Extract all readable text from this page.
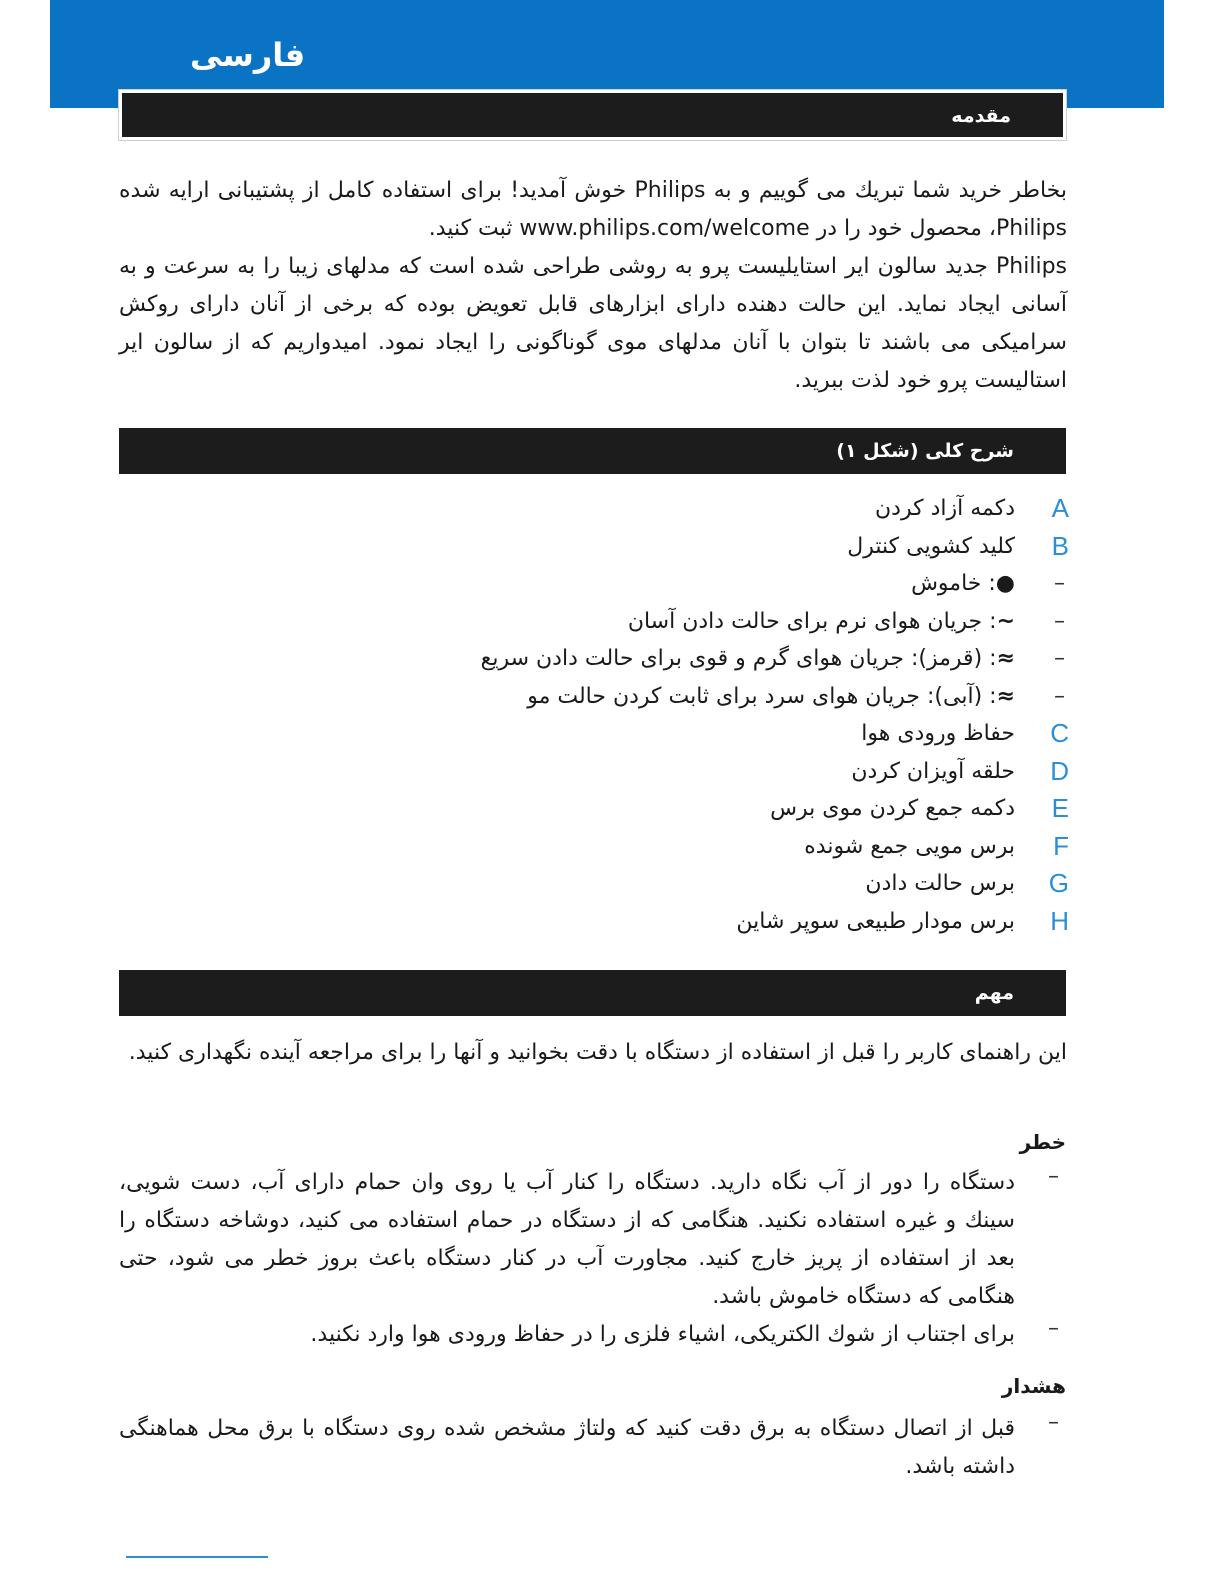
فارسی
مقدمه

بخاطر خرید شما تبریك می گوییم و به Philips خوش آمدید! برای استفاده كامل از پشتیبانی ارایه شده Philips، محصول خود را در www.philips.com/welcome ثبت كنید.

Philips جدید سالون ایر استایلیست پرو به روشی طراحی شده است كه مدلهای زیبا را به سرعت و به آسانی ایجاد نماید. این حالت دهنده دارای ابزارهای قابل تعویض بوده كه برخی از آنان دارای روكش سرامیكی می باشند تا بتوان با آنان مدلهای موی گوناگونی را ایجاد نمود. امیدواریم كه از سالون ایر استالیست پرو خود لذت ببرید.

شرح كلی (شكل ۱)
A
دكمه آزاد كردن
B
كلید كشویی كنترل
–
●: خاموش
–
~: جریان هوای نرم برای حالت دادن آسان
–
≈: (قرمز): جریان هوای گرم و قوی برای حالت دادن سریع
–
≈: (آبی): جریان هوای سرد برای ثابت كردن حالت مو
C
حفاظ ورودی هوا
D
حلقه آویزان كردن
E
دكمه جمع كردن موی برس
F
برس مویی جمع شونده
G
برس حالت دادن
H
برس مودار طبیعی سوپر شاین
مهم
این راهنمای كاربر را قبل از استفاده از دستگاه با دقت بخوانید و آنها را برای مراجعه آینده نگهداری كنید.
خطر
–
دستگاه را دور از آب نگاه دارید. دستگاه را كنار آب یا روی وان حمام دارای آب، دست شویی، سینك و غیره استفاده نكنید. هنگامی كه از دستگاه در حمام استفاده می كنید، دوشاخه دستگاه را بعد از استفاده از پریز خارج كنید. مجاورت آب در كنار دستگاه باعث بروز خطر می شود، حتی هنگامی كه دستگاه خاموش باشد.
–
برای اجتناب از شوك الكتریكی، اشیاء فلزی را در حفاظ ورودی هوا وارد نكنید.
هشدار
–
قبل از اتصال دستگاه به برق دقت كنید كه ولتاژ مشخص شده روی دستگاه با برق محل هماهنگی داشته باشد.
